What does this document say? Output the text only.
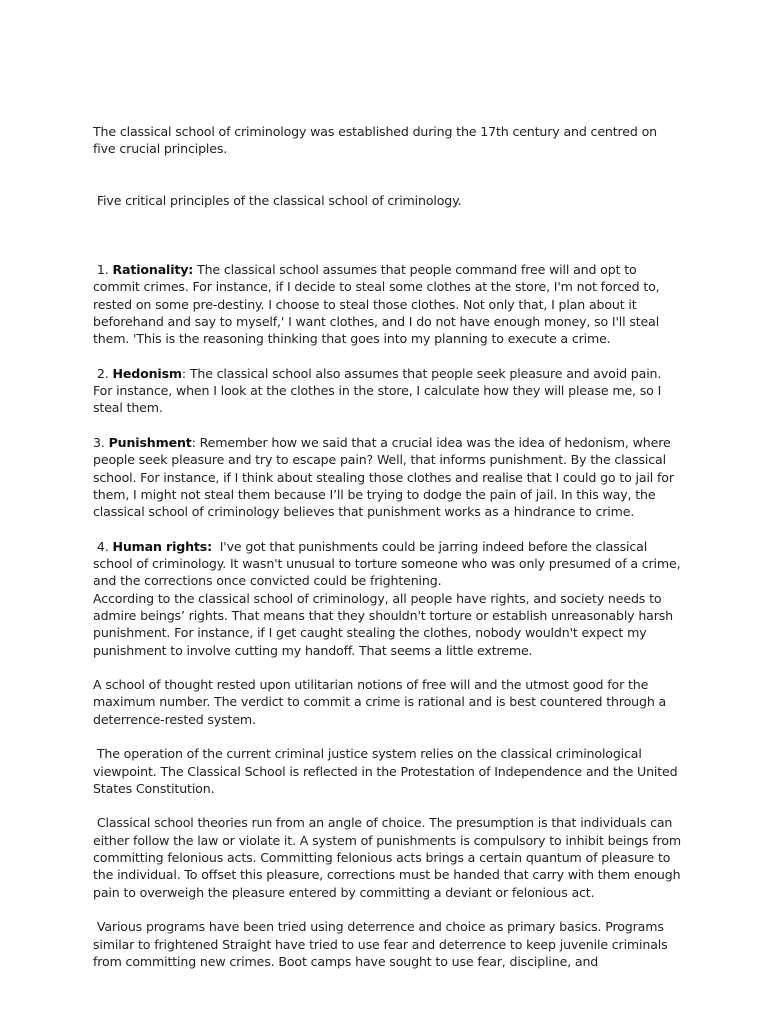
The classical school of criminology was established during the 17th century and centred on five crucial principles.

Five critical principles of the classical school of criminology.

1. Rationality: The classical school assumes that people command free will and opt to commit crimes. For instance, if I decide to steal some clothes at the store, I'm not forced to, rested on some pre-destiny. I choose to steal those clothes. Not only that, I plan about it beforehand and say to myself,' I want clothes, and I do not have enough money, so I'll steal them. 'This is the reasoning thinking that goes into my planning to execute a crime.

2. Hedonism: The classical school also assumes that people seek pleasure and avoid pain. For instance, when I look at the clothes in the store, I calculate how they will please me, so I steal them.

3. Punishment: Remember how we said that a crucial idea was the idea of hedonism, where people seek pleasure and try to escape pain? Well, that informs punishment. By the classical school. For instance, if I think about stealing those clothes and realise that I could go to jail for them, I might not steal them because I’ll be trying to dodge the pain of jail. In this way, the classical school of criminology believes that punishment works as a hindrance to crime.

4. Human rights:  I've got that punishments could be jarring indeed before the classical school of criminology. It wasn't unusual to torture someone who was only presumed of a crime, and the corrections once convicted could be frightening.
According to the classical school of criminology, all people have rights, and society needs to admire beings’ rights. That means that they shouldn't torture or establish unreasonably harsh punishment. For instance, if I get caught stealing the clothes, nobody wouldn't expect my punishment to involve cutting my handoff. That seems a little extreme.

A school of thought rested upon utilitarian notions of free will and the utmost good for the maximum number. The verdict to commit a crime is rational and is best countered through a deterrence-rested system.

The operation of the current criminal justice system relies on the classical criminological viewpoint. The Classical School is reflected in the Protestation of Independence and the United States Constitution.

Classical school theories run from an angle of choice. The presumption is that individuals can either follow the law or violate it. A system of punishments is compulsory to inhibit beings from committing felonious acts. Committing felonious acts brings a certain quantum of pleasure to the individual. To offset this pleasure, corrections must be handed that carry with them enough pain to overweigh the pleasure entered by committing a deviant or felonious act.

Various programs have been tried using deterrence and choice as primary basics. Programs similar to frightened Straight have tried to use fear and deterrence to keep juvenile criminals from committing new crimes. Boot camps have sought to use fear, discipline, and
